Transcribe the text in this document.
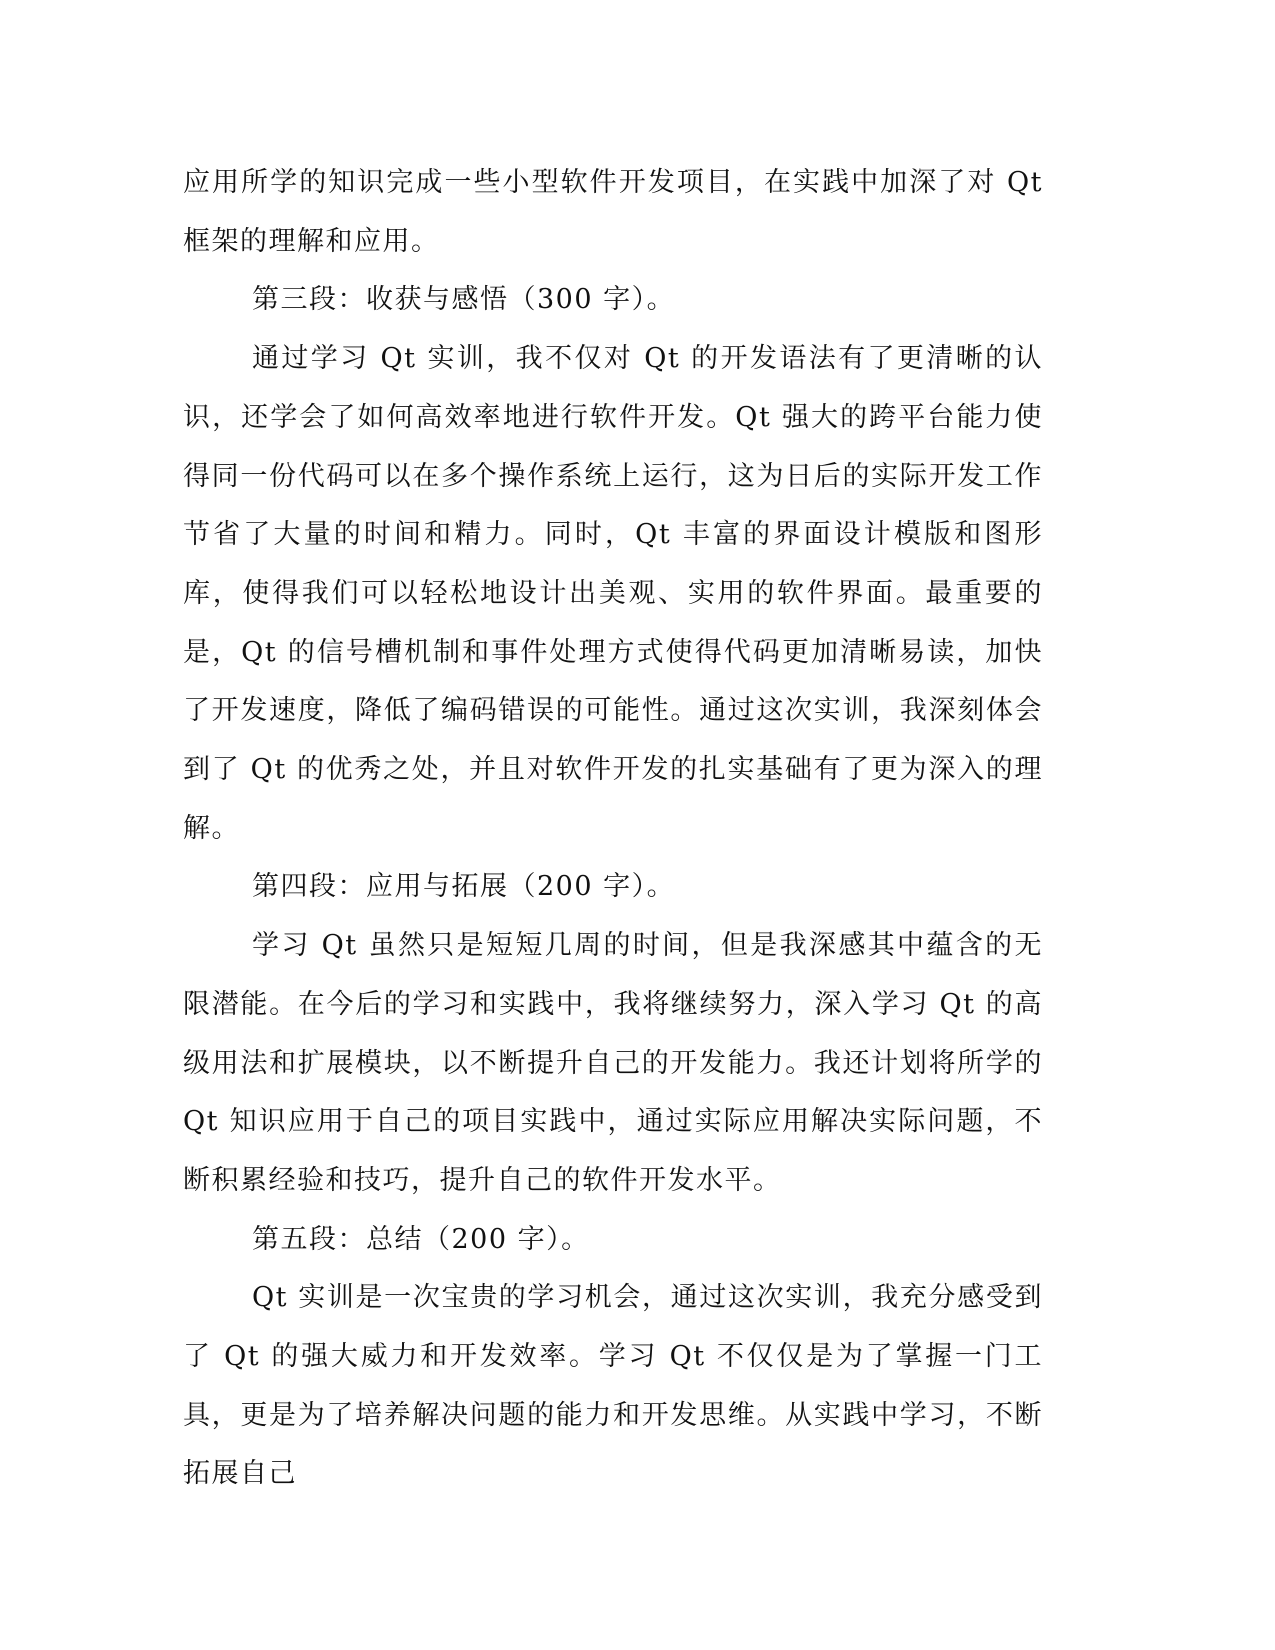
应用所学的知识完成一些小型软件开发项目，在实践中加深了对 Qt 框架的理解和应用。

第三段：收获与感悟（300 字）。

通过学习 Qt 实训，我不仅对 Qt 的开发语法有了更清晰的认识，还学会了如何高效率地进行软件开发。Qt 强大的跨平台能力使得同一份代码可以在多个操作系统上运行，这为日后的实际开发工作节省了大量的时间和精力。同时，Qt 丰富的界面设计模版和图形库，使得我们可以轻松地设计出美观、实用的软件界面。最重要的是，Qt 的信号槽机制和事件处理方式使得代码更加清晰易读，加快了开发速度，降低了编码错误的可能性。通过这次实训，我深刻体会到了 Qt 的优秀之处，并且对软件开发的扎实基础有了更为深入的理解。

第四段：应用与拓展（200 字）。

学习 Qt 虽然只是短短几周的时间，但是我深感其中蕴含的无限潜能。在今后的学习和实践中，我将继续努力，深入学习 Qt 的高级用法和扩展模块，以不断提升自己的开发能力。我还计划将所学的 Qt 知识应用于自己的项目实践中，通过实际应用解决实际问题，不断积累经验和技巧，提升自己的软件开发水平。

第五段：总结（200 字）。

Qt 实训是一次宝贵的学习机会，通过这次实训，我充分感受到了 Qt 的强大威力和开发效率。学习 Qt 不仅仅是为了掌握一门工具，更是为了培养解决问题的能力和开发思维。从实践中学习，不断拓展自己
